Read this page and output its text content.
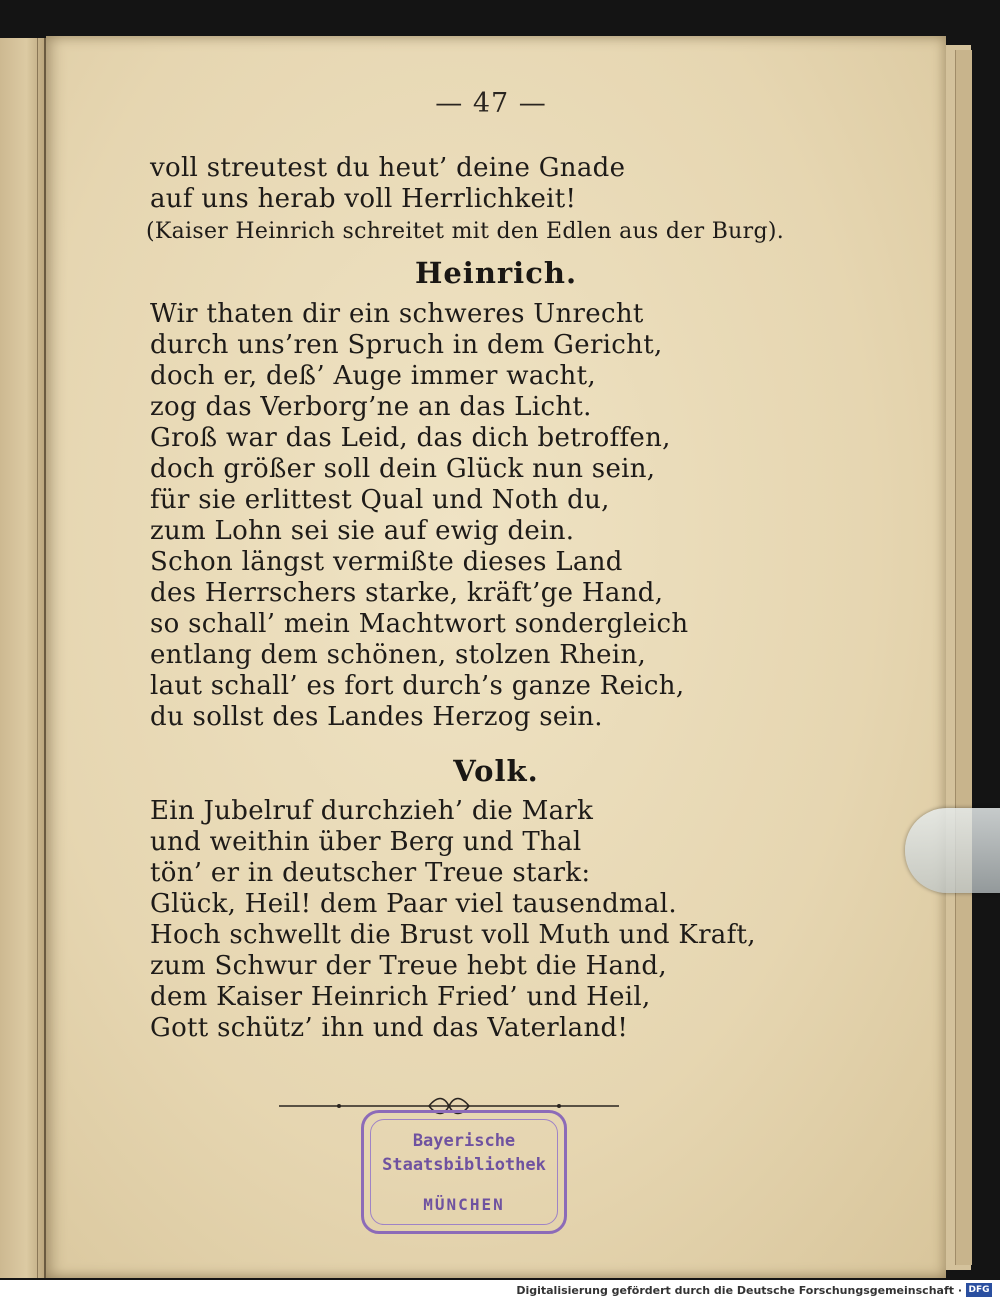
— 47 —
voll streutest du heut’ deine Gnade
auf uns herab voll Herrlichkeit!
(Kaiser Heinrich schreitet mit den Edlen aus der Burg).
Heinrich.
Wir thaten dir ein schweres Unrecht
durch uns’ren Spruch in dem Gericht,
doch er, deß’ Auge immer wacht,
zog das Verborg’ne an das Licht.
Groß war das Leid, das dich betroffen,
doch größer soll dein Glück nun sein,
für sie erlittest Qual und Noth du,
zum Lohn sei sie auf ewig dein.
Schon längst vermißte dieses Land
des Herrschers starke, kräft’ge Hand,
so schall’ mein Machtwort sondergleich
entlang dem schönen, stolzen Rhein,
laut schall’ es fort durch’s ganze Reich,
du sollst des Landes Herzog sein.
Volk.
Ein Jubelruf durchzieh’ die Mark
und weithin über Berg und Thal
tön’ er in deutscher Treue stark:
Glück, Heil! dem Paar viel tausendmal.
Hoch schwellt die Brust voll Muth und Kraft,
zum Schwur der Treue hebt die Hand,
dem Kaiser Heinrich Fried’ und Heil,
Gott schütz’ ihn und das Vaterland!
Bayerische
Staatsbibliothek
MÜNCHEN
Digitalisierung gefördert durch die Deutsche Forschungsgemeinschaft · DFG
